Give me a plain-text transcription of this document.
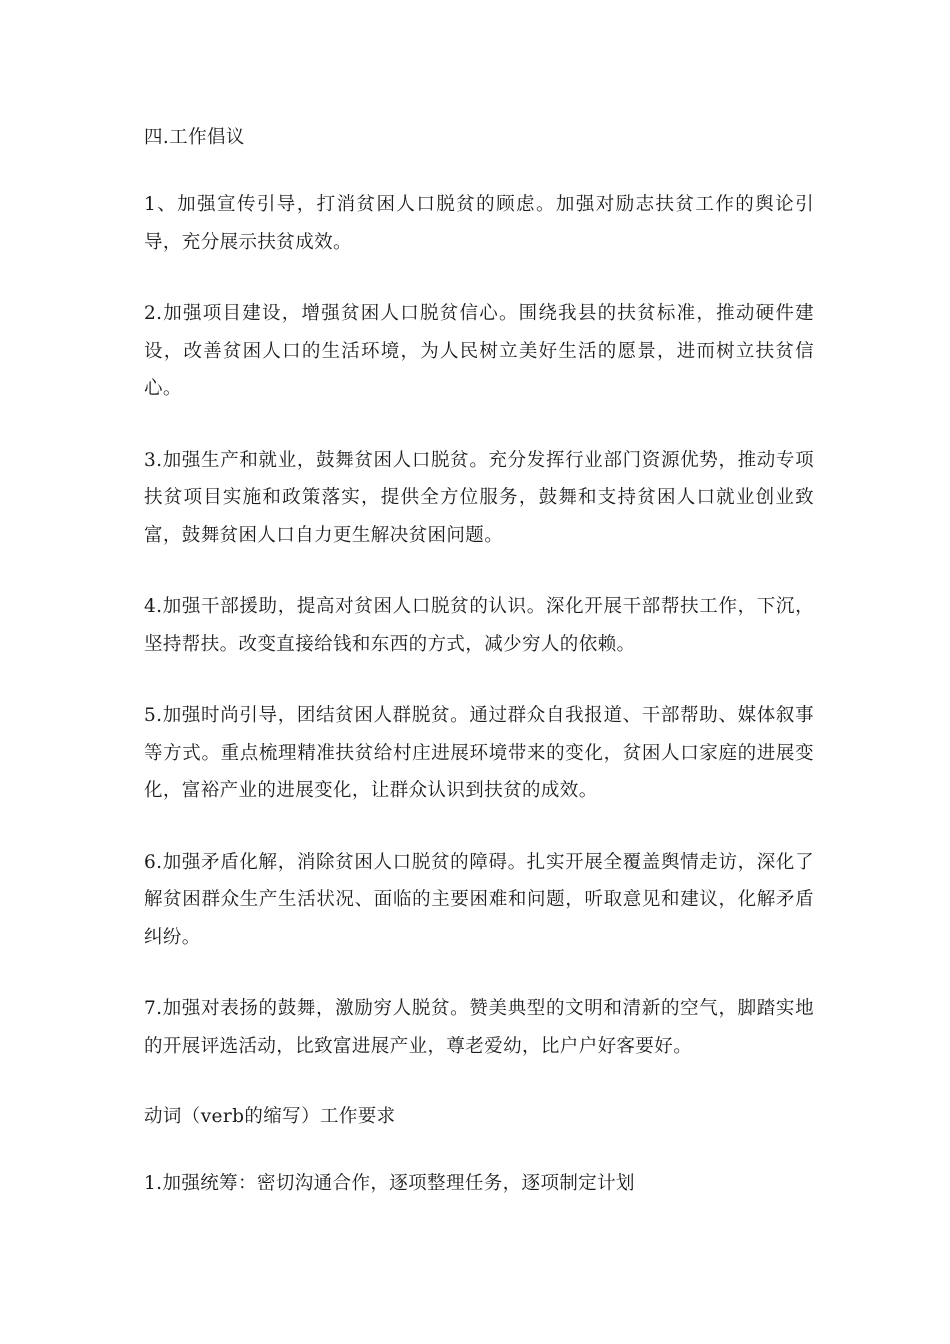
四.工作倡议

1、加强宣传引导，打消贫困人口脱贫的顾虑。加强对励志扶贫工作的舆论引导，充分展示扶贫成效。

2.加强项目建设，增强贫困人口脱贫信心。围绕我县的扶贫标准，推动硬件建设，改善贫困人口的生活环境，为人民树立美好生活的愿景，进而树立扶贫信心。

3.加强生产和就业，鼓舞贫困人口脱贫。充分发挥行业部门资源优势，推动专项扶贫项目实施和政策落实，提供全方位服务，鼓舞和支持贫困人口就业创业致富，鼓舞贫困人口自力更生解决贫困问题。

4.加强干部援助，提高对贫困人口脱贫的认识。深化开展干部帮扶工作，下沉，坚持帮扶。改变直接给钱和东西的方式，减少穷人的依赖。

5.加强时尚引导，团结贫困人群脱贫。通过群众自我报道、干部帮助、媒体叙事等方式。重点梳理精准扶贫给村庄进展环境带来的变化，贫困人口家庭的进展变化，富裕产业的进展变化，让群众认识到扶贫的成效。

6.加强矛盾化解，消除贫困人口脱贫的障碍。扎实开展全覆盖舆情走访，深化了解贫困群众生产生活状况、面临的主要困难和问题，听取意见和建议，化解矛盾纠纷。

7.加强对表扬的鼓舞，激励穷人脱贫。赞美典型的文明和清新的空气，脚踏实地的开展评选活动，比致富进展产业，尊老爱幼，比户户好客要好。

动词（verb的缩写）工作要求

1.加强统筹：密切沟通合作，逐项整理任务，逐项制定计划
